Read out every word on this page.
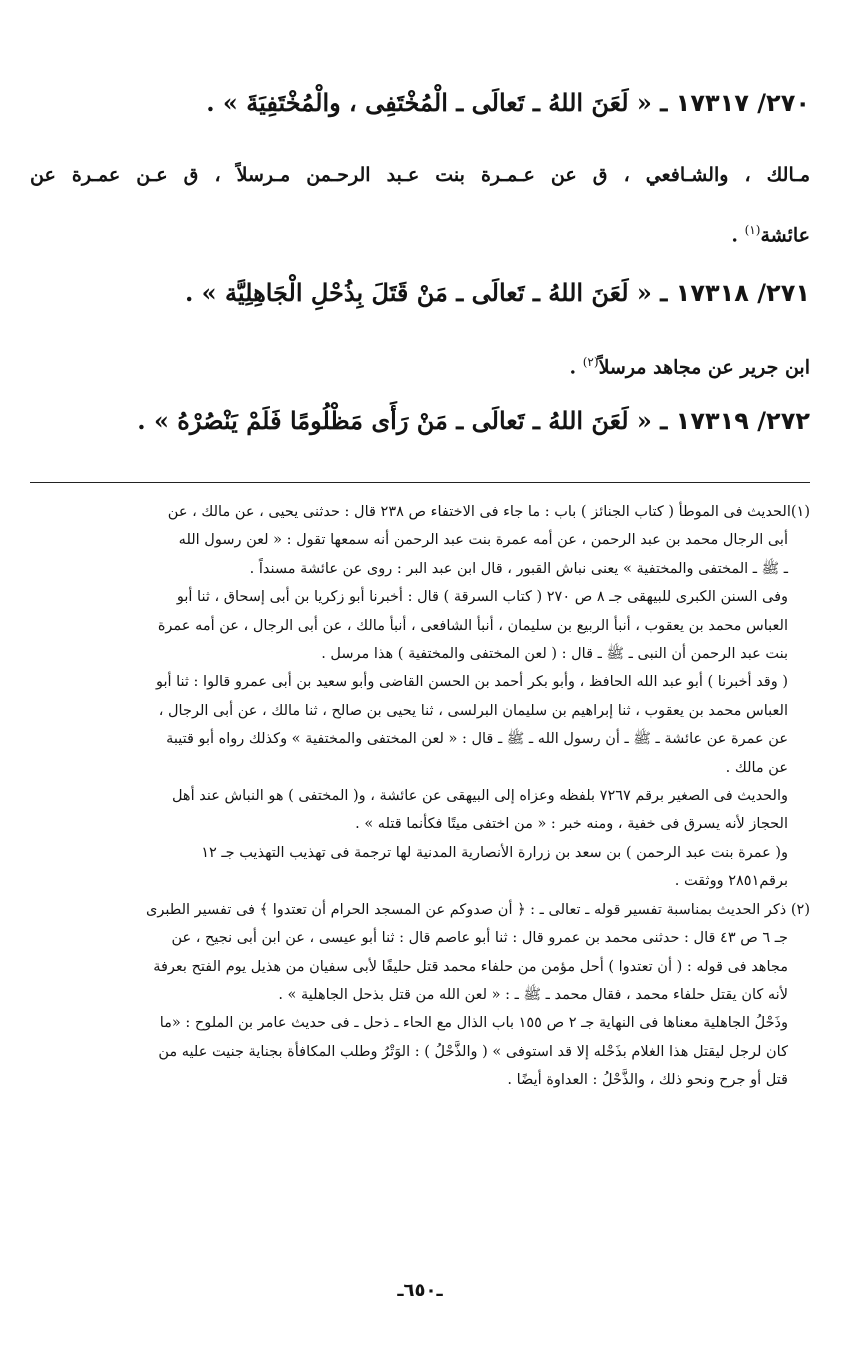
٢٧٠/ ١٧٣١٧ ـ « لَعَنَ اللهُ ـ تَعالَى ـ الْمُخْتَفِى ، والْمُخْتَفِيَةَ » .
مـالك ، والشـافعي ، ق عن عـمـرة بنت عـبد الرحـمن مـرسلاً ، ق عـن عمـرة عن
عائشة$^{(١)}$ .
٢٧١/ ١٧٣١٨ ـ « لَعَنَ اللهُ ـ تَعالَى ـ مَنْ قَتَلَ بِذُحْلِ الْجَاهِلِيَّة » .
ابن جرير عن مجاهد مرسلاً$^{(٢)}$ .
٢٧٢/ ١٧٣١٩ ـ « لَعَنَ اللهُ ـ تَعالَى ـ مَنْ رَأَى مَظْلُومًا فَلَمْ يَنْصُرْهُ » .
(١)الحديث فى الموطأ ( كتاب الجنائز ) باب : ما جاء فى الاختفاء ص ٢٣٨ قال : حدثنى يحيى ، عن مالك ، عن
أبى الرجال محمد بن عبد الرحمن ، عن أمه عمرة بنت عبد الرحمن أنه سمعها تقول : « لعن رسول الله
ـ ﷺ ـ المختفى والمختفية » يعنى نباش القبور ، قال ابن عبد البر : روى عن عائشة مسنداً .
وفى السنن الكبرى للبيهقى جـ ٨ ص ٢٧٠ ( كتاب السرقة ) قال : أخبرنا أبو زكريا بن أبى إسحاق ، ثنا أبو
العباس محمد بن يعقوب ، أنبأ الربيع بن سليمان ، أنبأ الشافعى ، أنبأ مالك ، عن أبى الرجال ، عن أمه عمرة
بنت عبد الرحمن أن النبى ـ ﷺ ـ قال : ( لعن المختفى والمختفية ) هذا مرسل .
( وقد أخبرنا ) أبو عبد الله الحافظ ، وأبو بكر أحمد بن الحسن القاضى وأبو سعيد بن أبى عمرو قالوا : ثنا أبو
العباس محمد بن يعقوب ، ثنا إبراهيم بن سليمان البرلسى ، ثنا يحيى بن صالح ، ثنا مالك ، عن أبى الرجال ،
عن عمرة عن عائشة ـ ﷺ ـ أن رسول الله ـ ﷺ ـ قال : « لعن المختفى والمختفية » وكذلك رواه أبو قتيبة
عن مالك .
والحديث فى الصغير برقم ٧٢٦٧ بلفظه وعزاه إلى البيهقى عن عائشة ، و( المختفى ) هو النباش عند أهل
الحجاز لأنه يسرق فى خفية ، ومنه خبر : « من اختفى ميتًا فكأنما قتله » .
و( عمرة بنت عبد الرحمن ) بن سعد بن زرارة الأنصارية المدنية لها ترجمة فى تهذيب التهذيب جـ ١٢
برقم٢٨٥١ ووثقت .
(٢) ذكر الحديث بمناسبة تفسير قوله ـ تعالى ـ : ﴿ أن صدوكم عن المسجد الحرام أن تعتدوا ﴾ فى تفسير الطبرى
جـ ٦ ص ٤٣ قال : حدثنى محمد بن عمرو قال : ثنا أبو عاصم قال : ثنا أبو عيسى ، عن ابن أبى نجيح ، عن
مجاهد فى قوله : ( أن تعتدوا ) أحل مؤمن من حلفاء محمد قتل حليفًا لأبى سفيان من هذيل يوم الفتح بعرفة
لأنه كان يقتل حلفاء محمد ، فقال محمد ـ ﷺ ـ : « لعن الله من قتل بذحل الجاهلية » .
وذَحْلُ الجاهلية معناها فى النهاية جـ ٢ ص ١٥٥ باب الذال مع الحاء ـ ذحل ـ فى حديث عامر بن الملوح : «ما
كان لرجل ليقتل هذا الغلام بذَحْله إلا قد استوفى » ( والذَّحْلُ ) : الوَتْرُ وطلب المكافأة بجناية جنيت عليه من
قتل أو جرح ونحو ذلك ، والذَّحْلُ : العداوة أيضًا .
ـ٦٥٠ـ
